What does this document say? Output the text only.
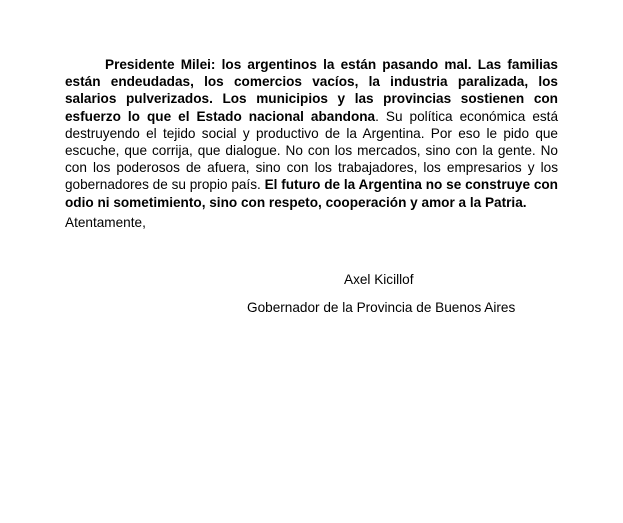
Presidente Milei: los argentinos la están pasando mal. Las familias están endeudadas, los comercios vacíos, la industria paralizada, los salarios pulverizados. Los municipios y las provincias sostienen con esfuerzo lo que el Estado nacional abandona. Su política económica está destruyendo el tejido social y productivo de la Argentina. Por eso le pido que escuche, que corrija, que dialogue. No con los mercados, sino con la gente. No con los poderosos de afuera, sino con los trabajadores, los empresarios y los gobernadores de su propio país. El futuro de la Argentina no se construye con odio ni sometimiento, sino con respeto, cooperación y amor a la Patria.

Atentamente,

Axel Kicillof

Gobernador de la Provincia de Buenos Aires
